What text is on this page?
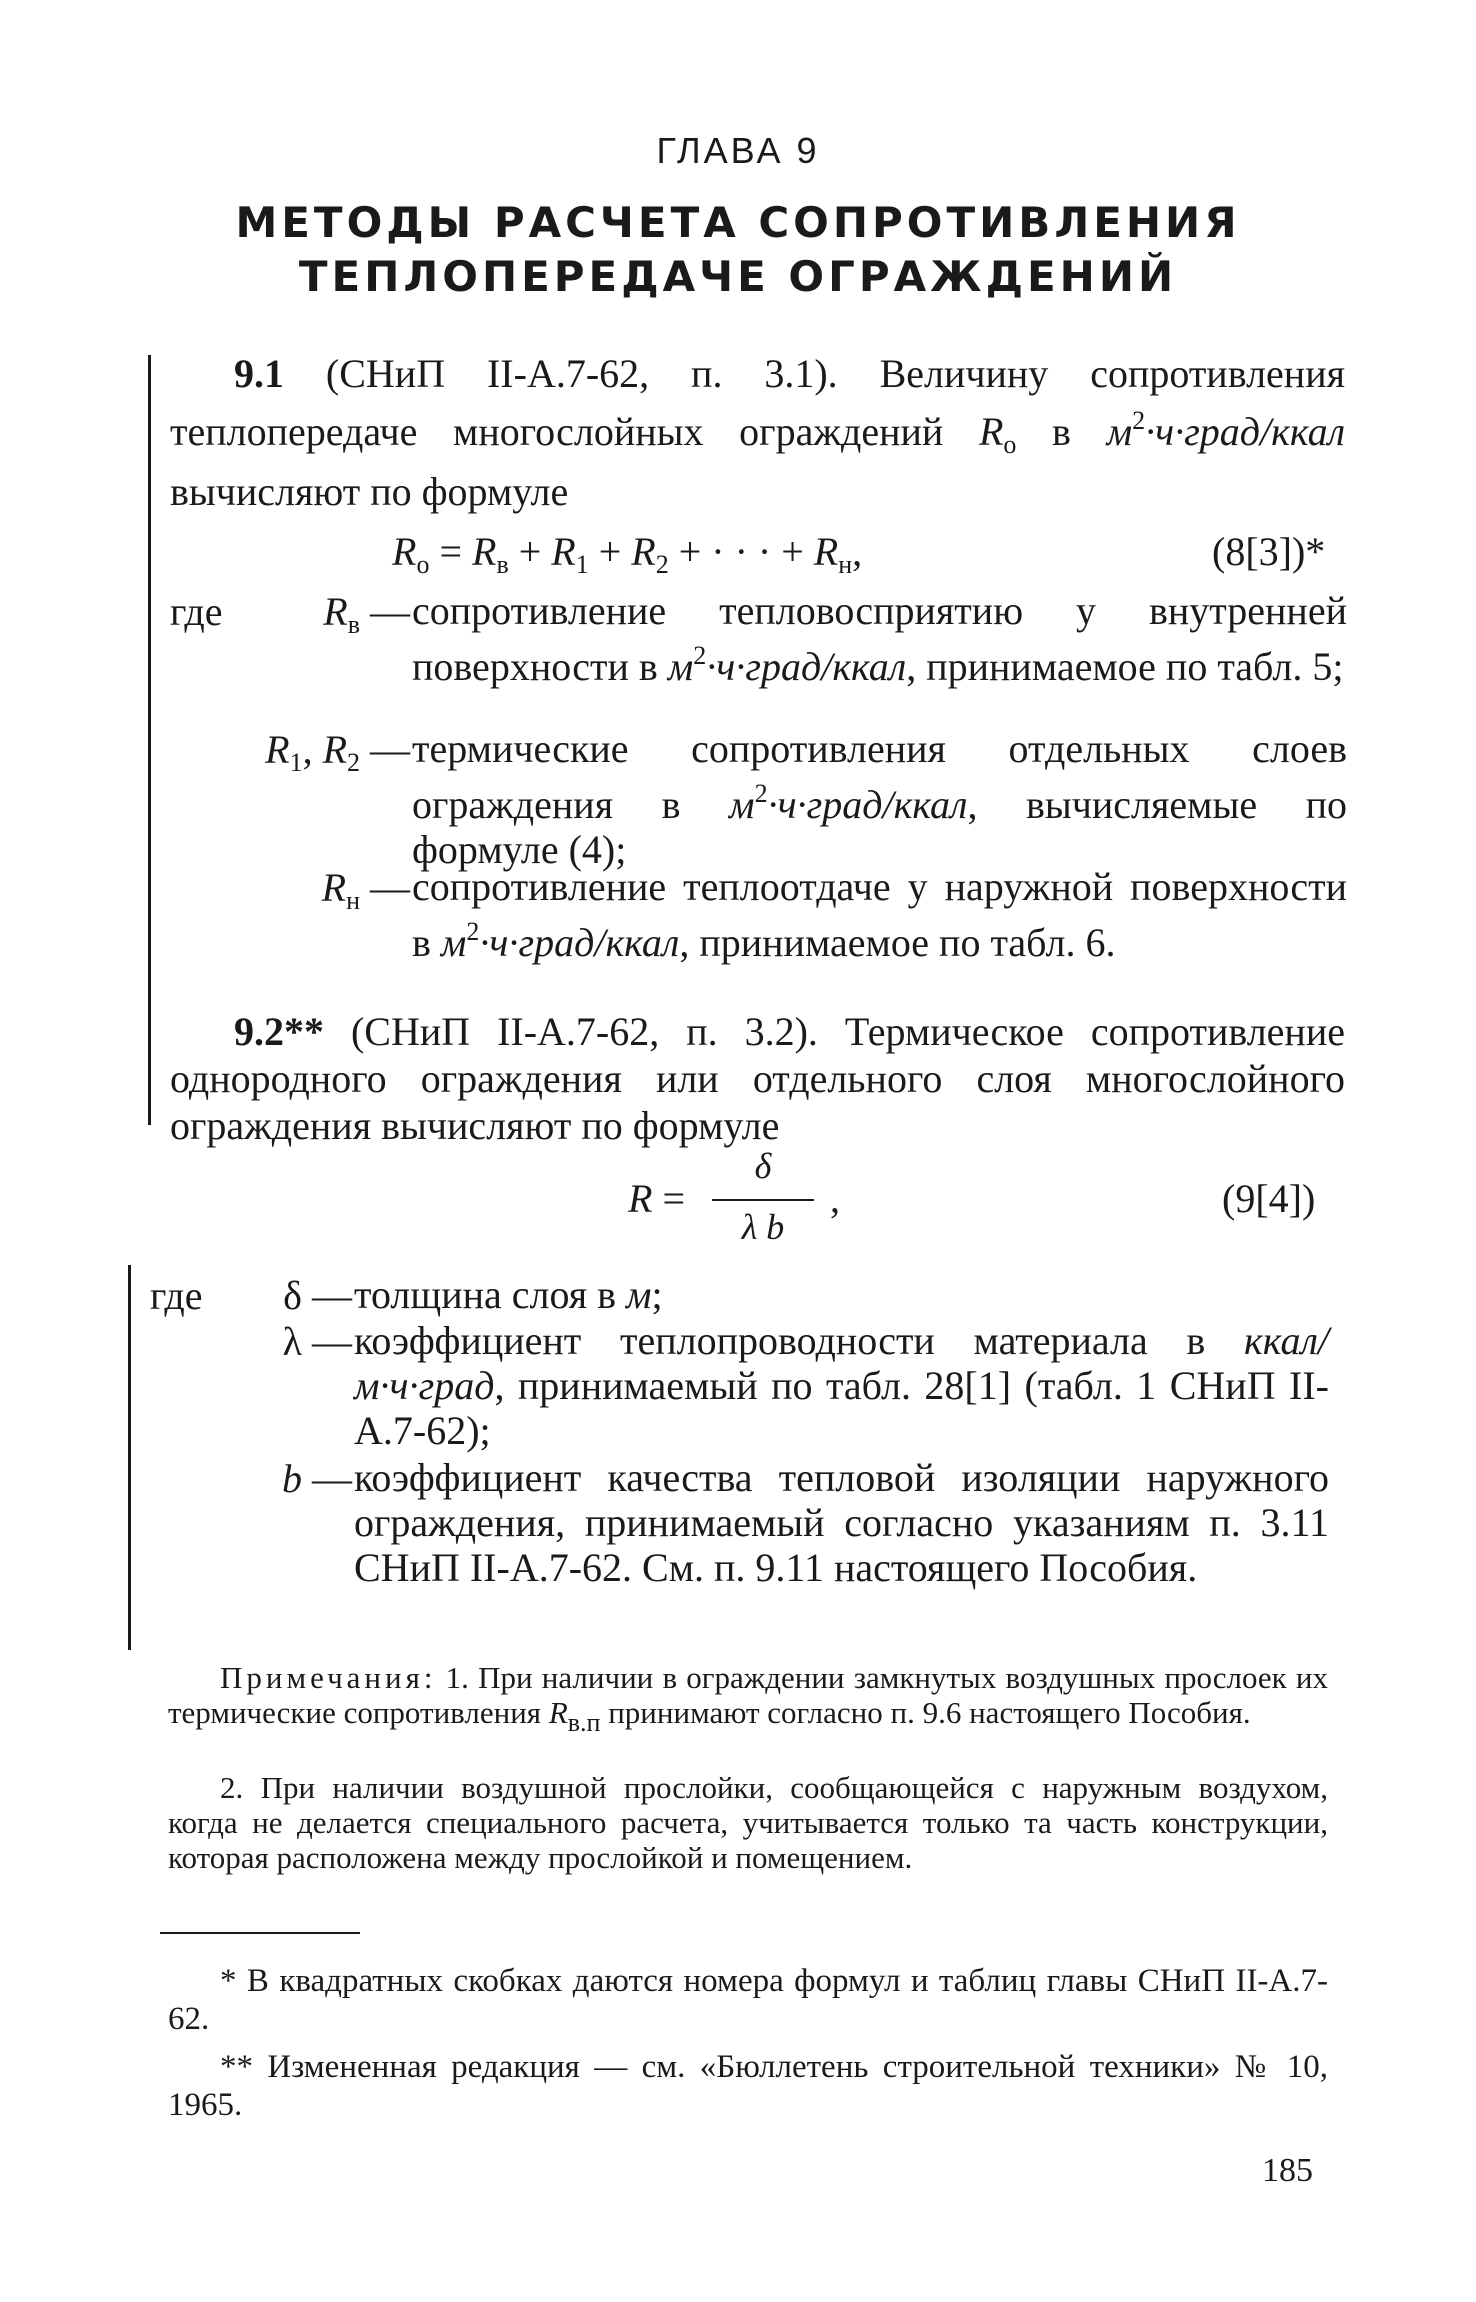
ГЛАВА 9
МЕТОДЫ РАСЧЕТА СОПРОТИВЛЕНИЯ
ТЕПЛОПЕРЕДАЧЕ ОГРАЖДЕНИЙ
9.1 (СНиП II-А.7-62, п. 3.1). Величину сопротивления теплопередаче многослойных ограждений $R_о$ в $м^2\cdot ч\cdot град$/ккал вычисляют по формуле
$R_о = R_в + R_1 + R_2$ + · · · + $R_н$,	(8[3])*
где	$R_в$ — сопротивление тепловосприятию у внутренней поверхности в $м^2\cdot ч\cdot град$/ккал, принимаемое по табл. 5;
$R_1$, $R_2$ — термические сопротивления отдельных слоев ограждения в $м^2\cdot ч\cdot град$/ккал, вычисляемые по формуле (4);
$R_н$ — сопротивление теплоотдаче у наружной поверхности в $м^2\cdot ч\cdot град$/ккал, принимаемое по табл. 6.
9.2** (СНиП II-А.7-62, п. 3.2). Термическое сопротивление однородного ограждения или отдельного слоя многослойного ограждения вычисляют по формуле
R =
δ
λ b
,	(9[4])
где	δ — толщина слоя в м;
λ — коэффициент теплопроводности материала в ккал/м·ч·град, принимаемый по табл. 28[1] (табл. 1 СНиП II-А.7-62);
b — коэффициент качества тепловой изоляции наружного ограждения, принимаемый согласно указаниям п. 3.11 СНиП II-А.7-62. См. п. 9.11 настоящего Пособия.
Примечания: 1. При наличии в ограждении замкнутых воздушных прослоек их термические сопротивления $R_{в.п}$ принимают согласно п. 9.6 настоящего Пособия.
2. При наличии воздушной прослойки, сообщающейся с наружным воздухом, когда не делается специального расчета, учитывается только та часть конструкции, которая расположена между прослойкой и помещением.
* В квадратных скобках даются номера формул и таблиц главы СНиП II-А.7-62.
** Измененная редакция — см. «Бюллетень строительной техники» № 10, 1965.
185
